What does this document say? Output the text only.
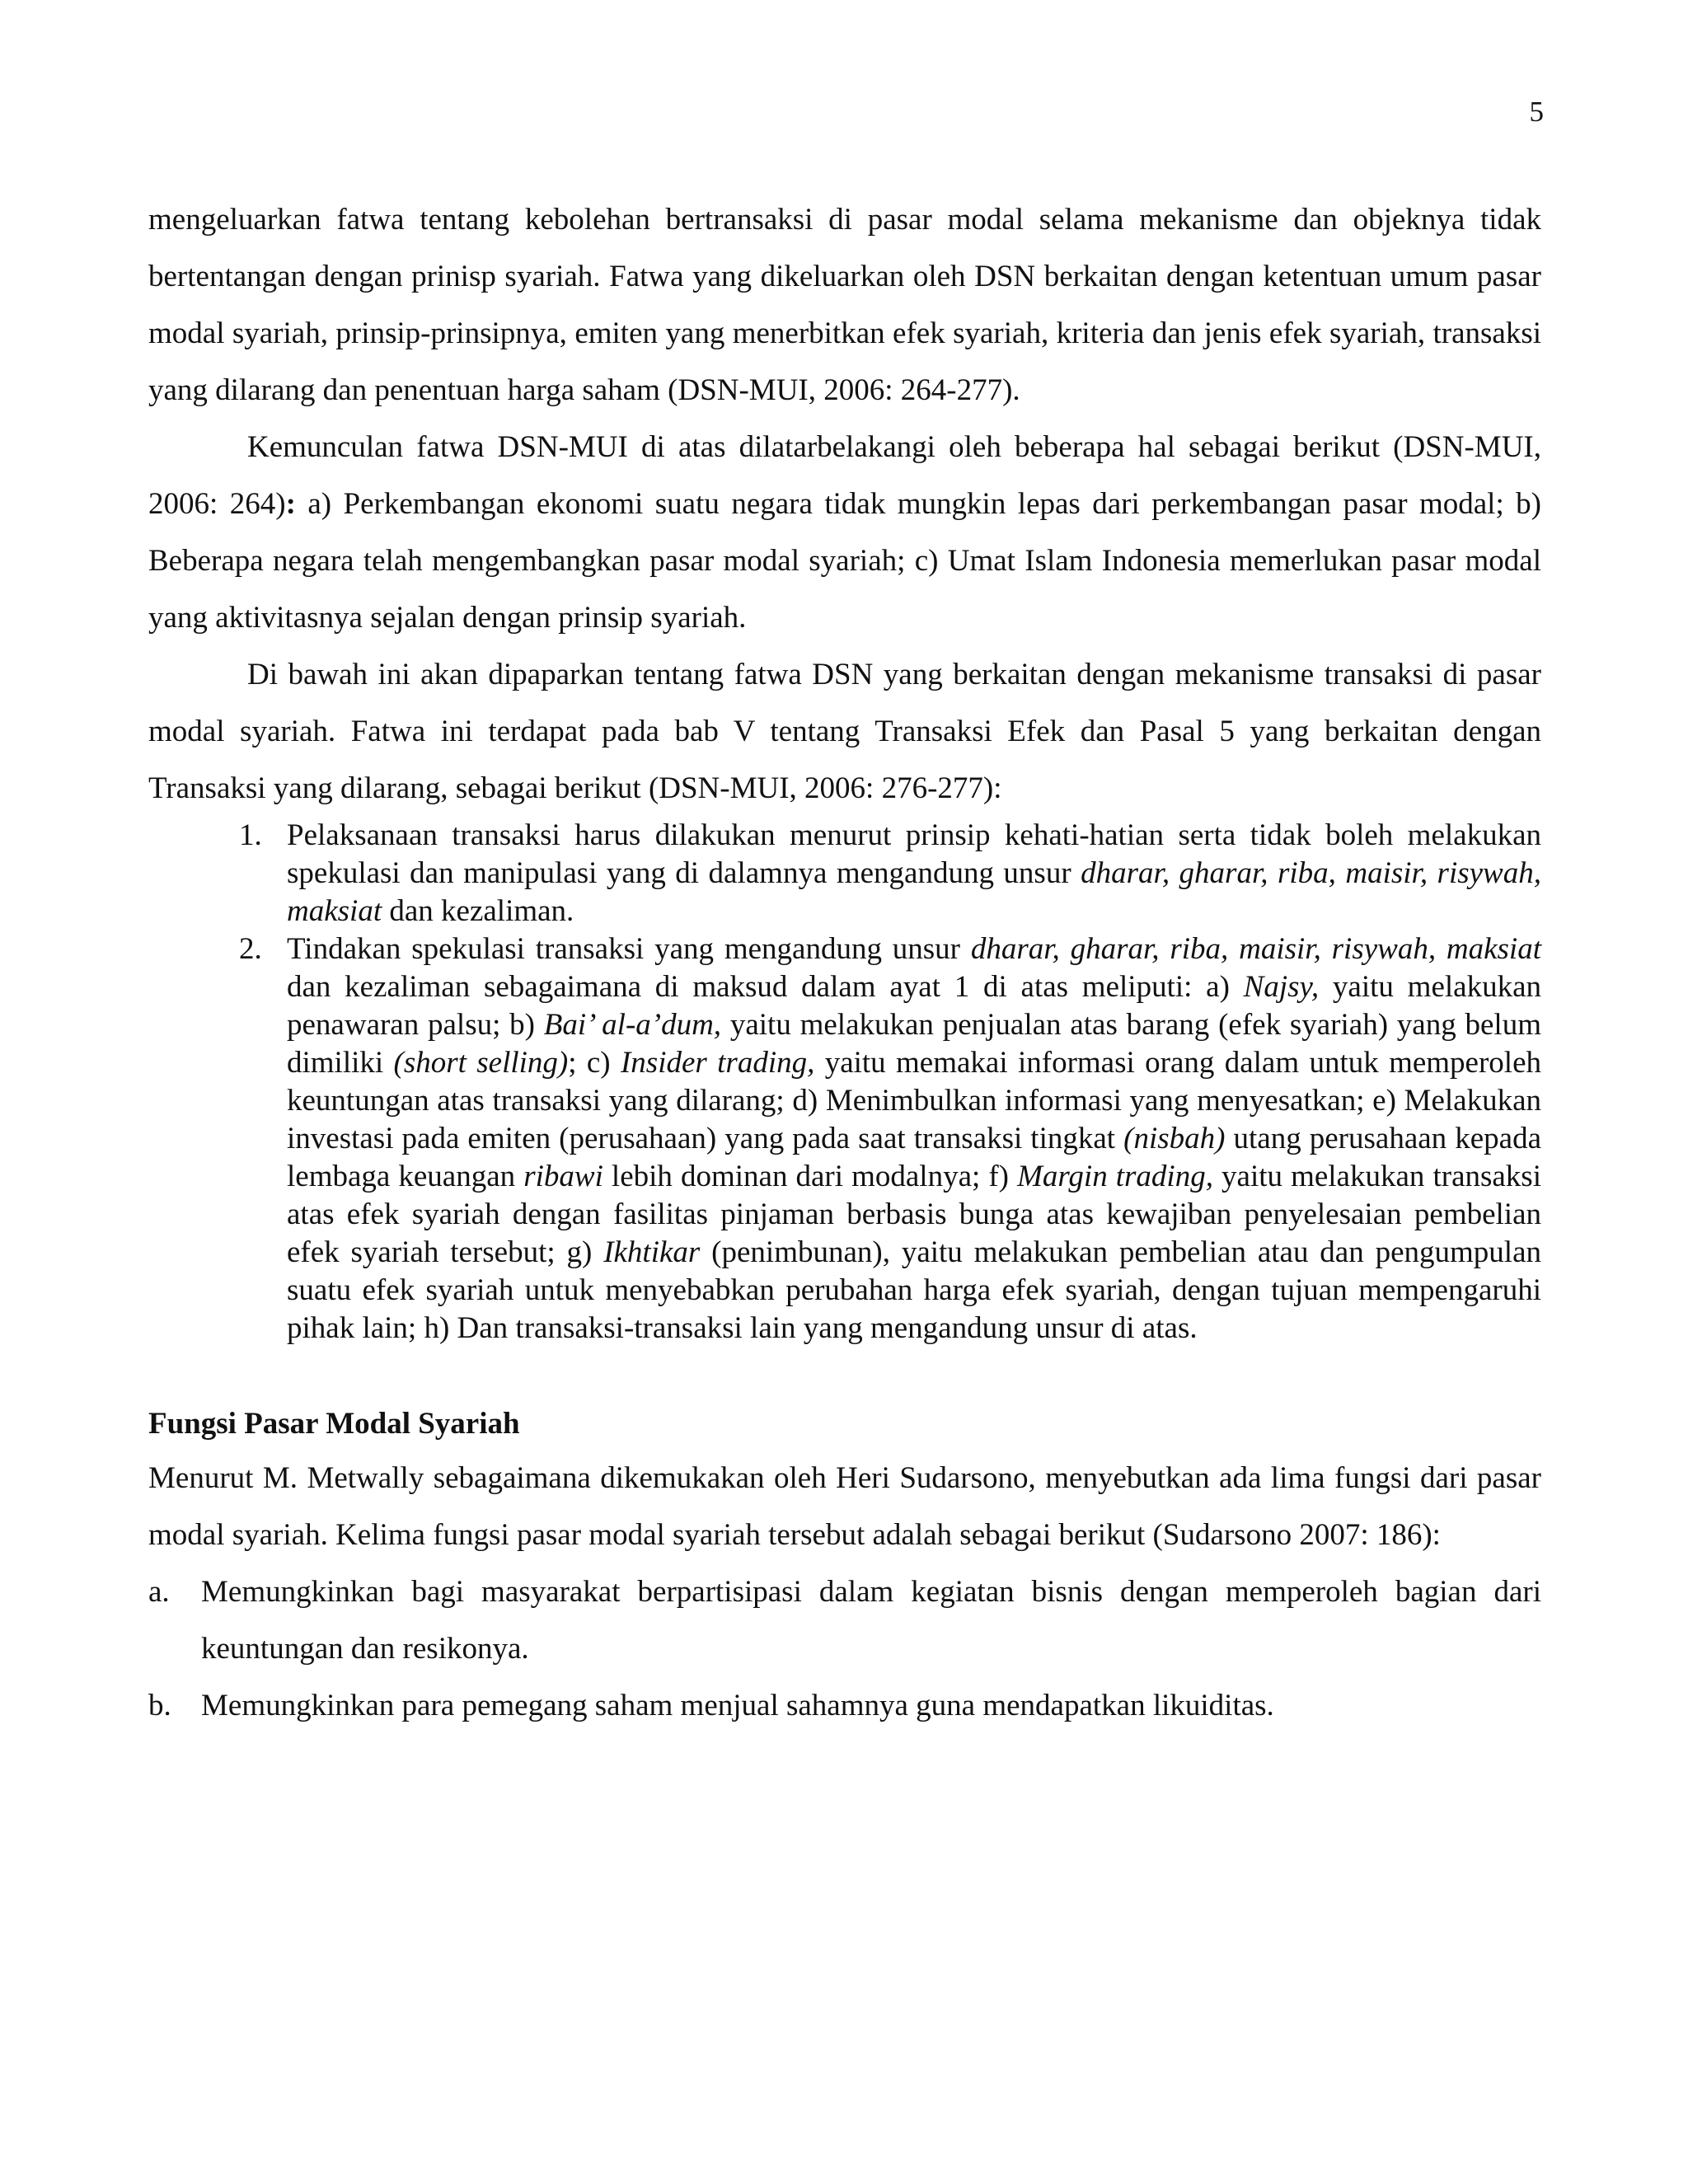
5

mengeluarkan fatwa tentang kebolehan bertransaksi di pasar modal selama mekanisme dan objeknya tidak bertentangan dengan prinisp syariah. Fatwa yang dikeluarkan oleh DSN berkaitan dengan ketentuan umum pasar modal syariah, prinsip-prinsipnya, emiten yang menerbitkan efek syariah, kriteria dan jenis efek syariah, transaksi yang dilarang dan penentuan harga saham (DSN-MUI, 2006: 264-277).

Kemunculan fatwa DSN-MUI di atas dilatarbelakangi oleh beberapa hal sebagai berikut (DSN-MUI, 2006: 264): a) Perkembangan ekonomi suatu negara tidak mungkin lepas dari perkembangan pasar modal; b) Beberapa negara telah mengembangkan pasar modal syariah; c) Umat Islam Indonesia memerlukan pasar modal yang aktivitasnya sejalan dengan prinsip syariah.

Di bawah ini akan dipaparkan tentang fatwa DSN yang berkaitan dengan mekanisme transaksi di pasar modal syariah. Fatwa ini terdapat pada bab V tentang Transaksi Efek dan Pasal 5 yang berkaitan dengan Transaksi yang dilarang, sebagai berikut (DSN-MUI, 2006: 276-277):

1. Pelaksanaan transaksi harus dilakukan menurut prinsip kehati-hatian serta tidak boleh melakukan spekulasi dan manipulasi yang di dalamnya mengandung unsur dharar, gharar, riba, maisir, risywah, maksiat dan kezaliman.
2. Tindakan spekulasi transaksi yang mengandung unsur dharar, gharar, riba, maisir, risywah, maksiat dan kezaliman sebagaimana di maksud dalam ayat 1 di atas meliputi: a) Najsy, yaitu melakukan penawaran palsu; b) Bai’ al-a’dum, yaitu melakukan penjualan atas barang (efek syariah) yang belum dimiliki (short selling); c) Insider trading, yaitu memakai informasi orang dalam untuk memperoleh keuntungan atas transaksi yang dilarang; d) Menimbulkan informasi yang menyesatkan; e) Melakukan investasi pada emiten (perusahaan) yang pada saat transaksi tingkat (nisbah) utang perusahaan kepada lembaga keuangan ribawi lebih dominan dari modalnya; f) Margin trading, yaitu melakukan transaksi atas efek syariah dengan fasilitas pinjaman berbasis bunga atas kewajiban penyelesaian pembelian efek syariah tersebut; g) Ikhtikar (penimbunan), yaitu melakukan pembelian atau dan pengumpulan suatu efek syariah untuk menyebabkan perubahan harga efek syariah, dengan tujuan mempengaruhi pihak lain; h) Dan transaksi-transaksi lain yang mengandung unsur di atas.
Fungsi Pasar Modal Syariah

Menurut M. Metwally sebagaimana dikemukakan oleh Heri Sudarsono, menyebutkan ada lima fungsi dari pasar modal syariah. Kelima fungsi pasar modal syariah tersebut adalah sebagai berikut (Sudarsono 2007: 186):

a. Memungkinkan bagi masyarakat berpartisipasi dalam kegiatan bisnis dengan memperoleh bagian dari keuntungan dan resikonya.
b. Memungkinkan para pemegang saham menjual sahamnya guna mendapatkan likuiditas.
